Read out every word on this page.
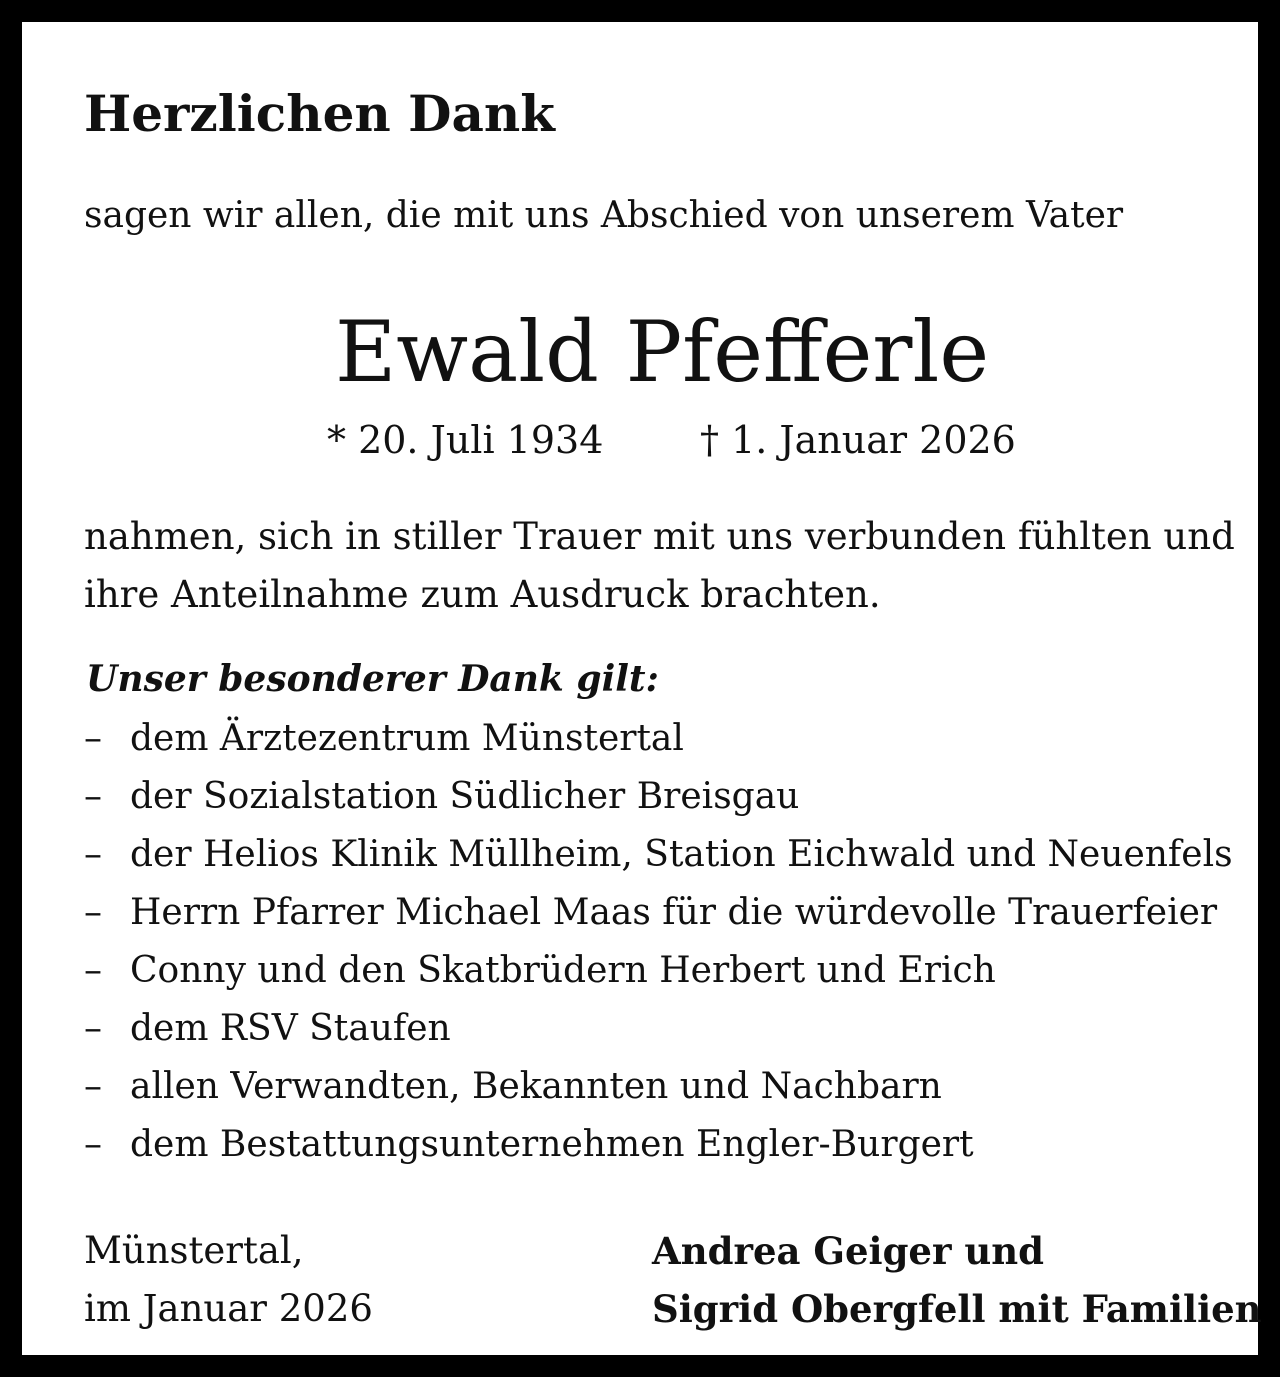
Herzlichen Dank
sagen wir allen, die mit uns Abschied von unserem Vater
Ewald Pfefferle
* 20. Juli 1934	† 1. Januar 2026
nahmen, sich in stiller Trauer mit uns verbunden fühlten und
ihre Anteilnahme zum Ausdruck brachten.
Unser besonderer Dank gilt:
– dem Ärztezentrum Münstertal
– der Sozialstation Südlicher Breisgau
– der Helios Klinik Müllheim, Station Eichwald und Neuenfels
– Herrn Pfarrer Michael Maas für die würdevolle Trauerfeier
– Conny und den Skatbrüdern Herbert und Erich
– dem RSV Staufen
– allen Verwandten, Bekannten und Nachbarn
– dem Bestattungsunternehmen Engler-Burgert
Münstertal,
im Januar 2026
Andrea Geiger und
Sigrid Obergfell mit Familien
